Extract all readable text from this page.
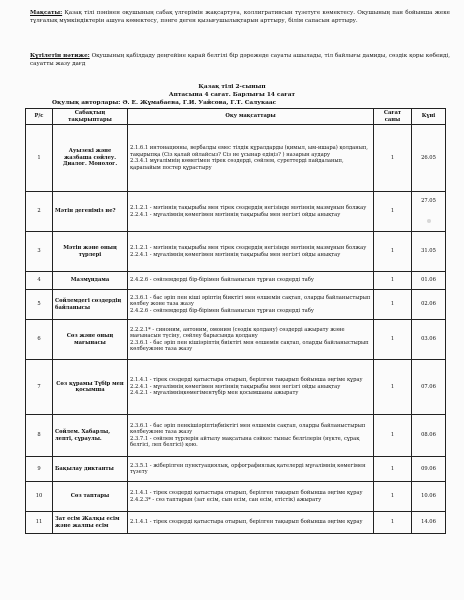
Мақсаты: Қазақ тілі пәнінен оқушының сабақ үлгерімін жақсартуға, коллигративсын түзетуге көмектесу. Оқушының пан бойынша жеке тұлғалық мүмкіндіктерін ашуға көмектесу, пәнге деген қызығушылықтарын арттыру, білім сапасын арттыру.

Күтілетін нәтиже: Оқушының қабілдаду деңгейіне қарай белгілі бір дәрежеде сауаты ашылады, тіл байлығы дамиды, сөздік қоры көбеиді, сауатты жазу дағд

Қазақ тілі 2-сынып
Аптасына 4 сағат. Барлығы 14 сағат
Оқулық авторлары: Ә. Е. Жұмабаева, Г.И. Уайсова, Г.Т. Салукаас
Р/с	Сабақтың тақырыптары	Оқу мақсаттары	Сағат саны	Күні
1	Ауызекі және жазбаша сөйлеу. Диалог. Монолог.	2.1.6.1 интонацияны, вербалды емес тілдік құралдарды (қимыл, ым-ишара) қолданып, тақырыпқа (Сіз қалай ойлайсыз? Сіз не ұсынар едіңіз? ) назарын аудару
2.3.4.1 мұғалімнің көмегімен тірек сөздерді, сөйлем, суреттерді пайдаланып, қарапайым постер құрастыру	1	26.05
2	Мәтін дегеніміз не?	2.1.2.1 - мәтіннің тақырыбы мен тірек сөздердің негізінде мәтіннің мазмұнын болжау
2.2.4.1 - мұғалімнің көмегімен мәтіннің тақырыбы мен негізгі ойды анықтау	1	27.05

3	Мәтін және оның түрлері	2.1.2.1 - мәтіннің тақырыбы мен тірек сөздердің негізінде мәтіннің мазмұнын болжау
2.2.4.1 - мұғалімнің көмегімен мәтіннің тақырыбы мен негізгі ойды анықтау	1	31.05
4	Мазмұндама	2.4.2.6 - сөйлемдерді бір-бірімен байланысын тұрған сөздерді табу	1	01.06
5	Сөйлемдегі сөздердің байланысы	2.3.6.1 - бас әріп пен кіші әріптің біиктігі мен өлшемін сақтап, оларды байланыстырып көлбеу жоне таза жазу
2.4.2.6 - сөйлемдерді бір-бірімен байланысын тұрған сөздерді табу	1	02.06
6	Сөз және оның мағынасы	2.2.2.1* - синоним, антоним, омоним (сөздік қолдану) сөздерді ажырату және мағынасын түсіну, сөйлеу барысында қолдану
2.3.6.1 - бас әріп пен кішіәріптің биіктігі мен өлшемін сақтап, оларды байланыстырып көлбеужәне таза жазу	1	03.06
7	Сөз құрамы Түбір мен қосымша	2.1.4.1 - тірек сөздерді қатыстыра отырып, берілген тақырып бойынша әңгіме құрау
2.2.4.1 - мұғалімнің көмегімен мәтіннің тақырыбы мен негізгі ойды анықтау
2.4.2.1 - мұғалімніңкөмегіментүбір мен қосымшаны ажырату	1	07.06
8	Сөйлем. Хабарлы, лепті, сұраулы.	2.3.6.1 - бас әріп пенкішіәріптіңбиіктігі мен өлшемін сақтап, оларды байланыстырып көлбеужәне таза жазу
2.3.7.1 - сөйлем түрлерін айтылу мақсатына сәйкес тыныс белгілерін (нүкте, сұрақ белгісі, леп белгісі) қою.	1	08.06
9	Бақылау диктанты	2.3.5.1 - жіберілген пунктуациялық, орфографиялық қателерді мұғалімнің көмегімен түзету	1	09.06
10	Сөз таптары	2.1.4.1 - тірек сөздерді қатыстыра отырып, берілген тақырып бойынша әңгіме құрау
2.4.2.3* - сөз таптарын (зат есім, сын есім, сан есім, етістік) ажырату	1	10.06
11	Зат есім Жалқы есім және жалпы есім	2.1.4.1 - тірек сөздерді қатыстыра отырып, берілген тақырып бойынша әңгіме құрау	1	14.06
